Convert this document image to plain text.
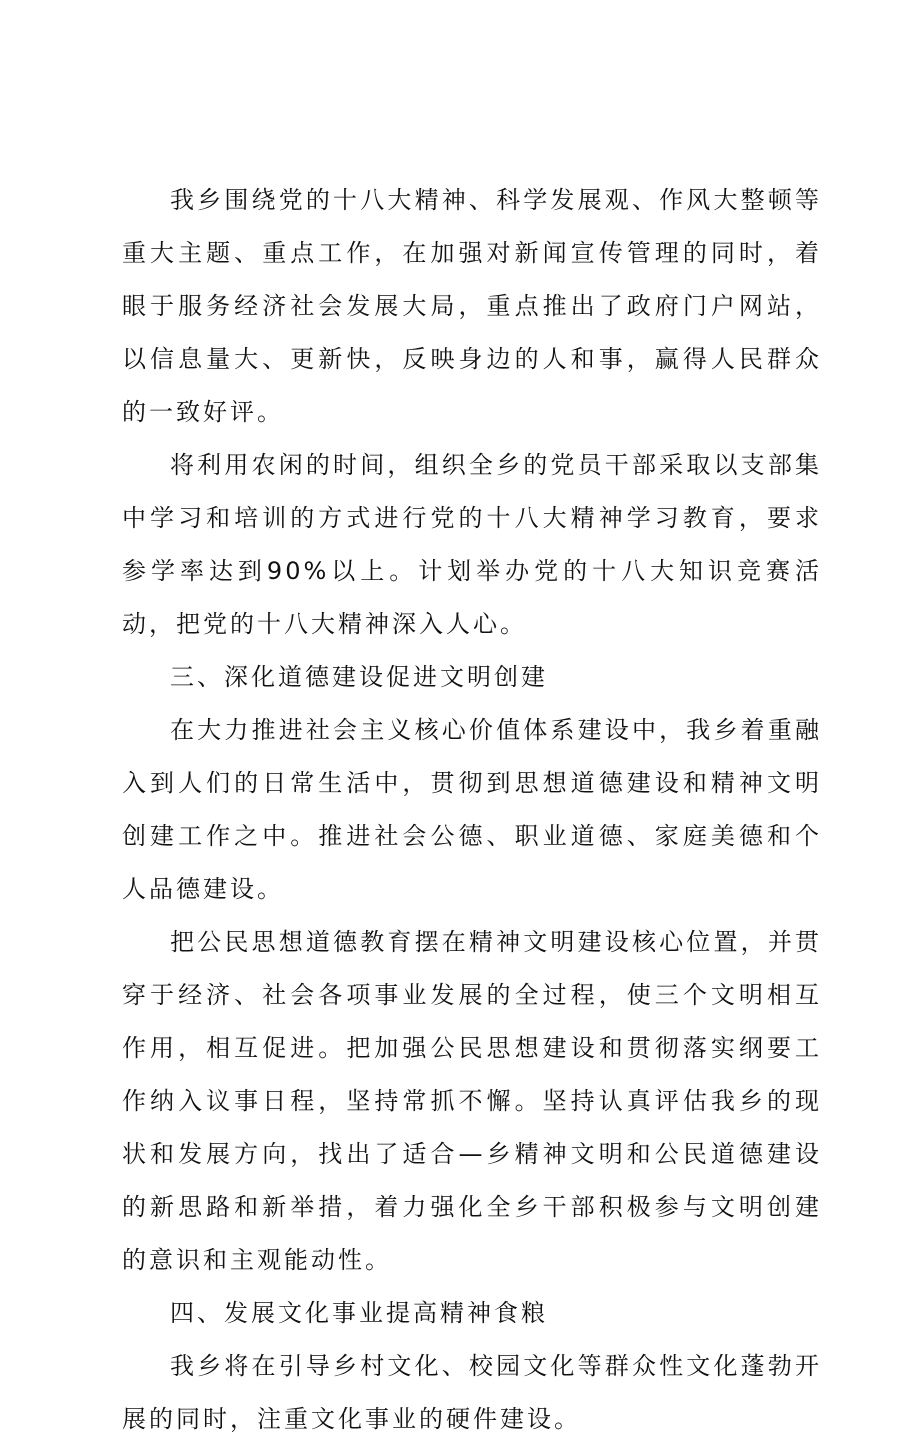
我乡围绕党的十八大精神、科学发展观、作风大整顿等重大主题、重点工作，在加强对新闻宣传管理的同时，着眼于服务经济社会发展大局，重点推出了政府门户网站，以信息量大、更新快，反映身边的人和事，赢得人民群众的一致好评。

将利用农闲的时间，组织全乡的党员干部采取以支部集中学习和培训的方式进行党的十八大精神学习教育，要求参学率达到90%以上。计划举办党的十八大知识竞赛活动，把党的十八大精神深入人心。

三、深化道德建设促进文明创建

在大力推进社会主义核心价值体系建设中，我乡着重融入到人们的日常生活中，贯彻到思想道德建设和精神文明创建工作之中。推进社会公德、职业道德、家庭美德和个人品德建设。

把公民思想道德教育摆在精神文明建设核心位置，并贯穿于经济、社会各项事业发展的全过程，使三个文明相互作用，相互促进。把加强公民思想建设和贯彻落实纲要工作纳入议事日程，坚持常抓不懈。坚持认真评估我乡的现状和发展方向，找出了适合—乡精神文明和公民道德建设的新思路和新举措，着力强化全乡干部积极参与文明创建的意识和主观能动性。

四、发展文化事业提高精神食粮

我乡将在引导乡村文化、校园文化等群众性文化蓬勃开展的同时，注重文化事业的硬件建设。
